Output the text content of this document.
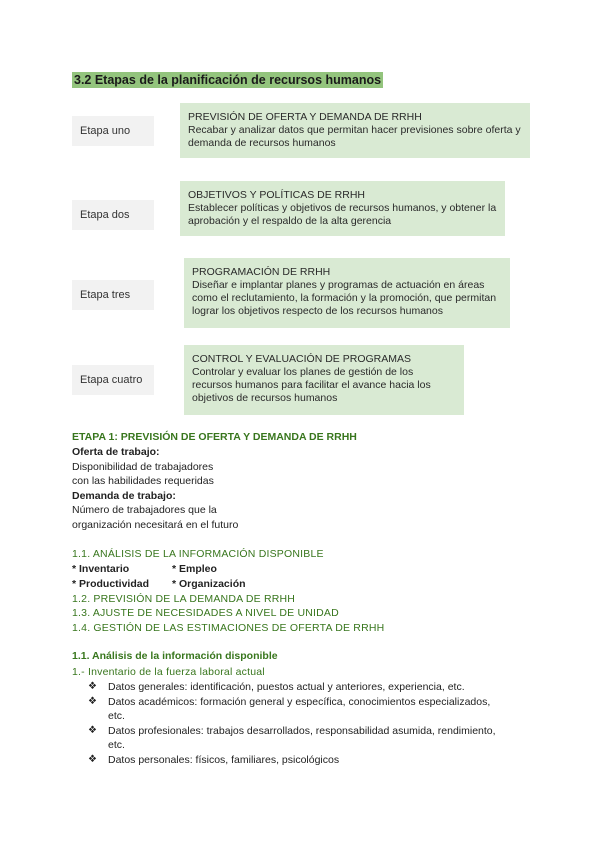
3.2 Etapas de la planificación de recursos humanos
Etapa uno
PREVISIÓN DE OFERTA Y DEMANDA DE RRHH
Recabar y analizar datos que permitan hacer previsiones sobre oferta y demanda de recursos humanos
Etapa dos
OBJETIVOS Y POLÍTICAS DE RRHH
Establecer políticas y objetivos de recursos humanos, y obtener la aprobación y el respaldo de la alta gerencia
Etapa tres
PROGRAMACIÓN DE RRHH
Diseñar e implantar planes y programas de actuación en áreas como el reclutamiento, la formación y la promoción, que permitan lograr los objetivos respecto de los recursos humanos
Etapa cuatro
CONTROL Y EVALUACIÓN DE PROGRAMAS
Controlar y evaluar los planes de gestión de los recursos humanos para facilitar el avance hacia los objetivos de recursos humanos
ETAPA 1: PREVISIÓN DE OFERTA Y DEMANDA DE RRHH
Oferta de trabajo:
Disponibilidad de trabajadores
con las habilidades requeridas
Demanda de trabajo:
Número de trabajadores que la
organización necesitará en el futuro
1.1. ANÁLISIS DE LA INFORMACIÓN DISPONIBLE
* Inventario	* Empleo
* Productividad * Organización
1.2. PREVISIÓN DE LA DEMANDA DE RRHH
1.3. AJUSTE DE NECESIDADES A NIVEL DE UNIDAD
1.4. GESTIÓN DE LAS ESTIMACIONES DE OFERTA DE RRHH
1.1. Análisis de la información disponible
1.- Inventario de la fuerza laboral actual
❖ Datos generales: identificación, puestos actual y anteriores, experiencia, etc.
❖ Datos académicos: formación general y específica, conocimientos especializados,
etc.
❖ Datos profesionales: trabajos desarrollados, responsabilidad asumida, rendimiento,
etc.
❖ Datos personales: físicos, familiares, psicológicos
